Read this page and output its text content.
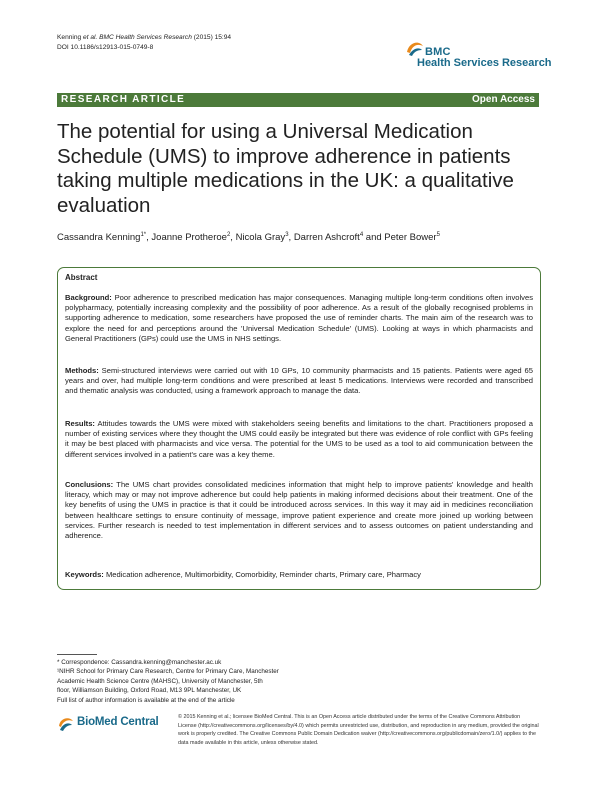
Kenning et al. BMC Health Services Research (2015) 15:94
DOI 10.1186/s12913-015-0749-8	BMC
Health Services Research
RESEARCH ARTICLE	Open Access
The potential for using a Universal Medication Schedule (UMS) to improve adherence in patients taking multiple medications in the UK: a qualitative evaluation
Cassandra Kenning$^{1*}$, Joanne Protheroe$^2$, Nicola Gray$^3$, Darren Ashcroft$^4$ and Peter Bower$^5$
Abstract
Background: Poor adherence to prescribed medication has major consequences. Managing multiple long-term conditions often involves polypharmacy, potentially increasing complexity and the possibility of poor adherence. As a result of the globally recognised problems in supporting adherence to medication, some researchers have proposed the use of reminder charts. The main aim of the research was to explore the need for and perceptions around the 'Universal Medication Schedule' (UMS). Looking at ways in which pharmacists and General Practitioners (GPs) could use the UMS in NHS settings.
Methods: Semi-structured interviews were carried out with 10 GPs, 10 community pharmacists and 15 patients. Patients were aged 65 years and over, had multiple long-term conditions and were prescribed at least 5 medications. Interviews were recorded and transcribed and thematic analysis was conducted, using a framework approach to manage the data.
Results: Attitudes towards the UMS were mixed with stakeholders seeing benefits and limitations to the chart. Practitioners proposed a number of existing services where they thought the UMS could easily be integrated but there was evidence of role conflict with GPs feeling it may be best placed with pharmacists and vice versa. The potential for the UMS to be used as a tool to aid communication between the different services involved in a patient's care was a key theme.
Conclusions: The UMS chart provides consolidated medicines information that might help to improve patients' knowledge and health literacy, which may or may not improve adherence but could help patients in making informed decisions about their treatment. One of the key benefits of using the UMS in practice is that it could be introduced across services. In this way it may aid in medicines reconciliation between healthcare settings to ensure continuity of message, improve patient experience and create more joined up working between services. Further research is needed to test implementation in different services and to assess outcomes on patient understanding and adherence.
Keywords: Medication adherence, Multimorbidity, Comorbidity, Reminder charts, Primary care, Pharmacy
* Correspondence: Cassandra.kenning@manchester.ac.uk
¹NIHR School for Primary Care Research, Centre for Primary Care, Manchester
Academic Health Science Centre (MAHSC), University of Manchester, 5th
floor, Williamson Building, Oxford Road, M13 9PL Manchester, UK
Full list of author information is available at the end of the article
BioMed Central	© 2015 Kenning et al.; licensee BioMed Central. This is an Open Access article distributed under the terms of the Creative Commons Attribution License (http://creativecommons.org/licenses/by/4.0) which permits unrestricted use, distribution, and reproduction in any medium, provided the original work is properly credited. The Creative Commons Public Domain Dedication waiver (http://creativecommons.org/publicdomain/zero/1.0/) applies to the data made available in this article, unless otherwise stated.
